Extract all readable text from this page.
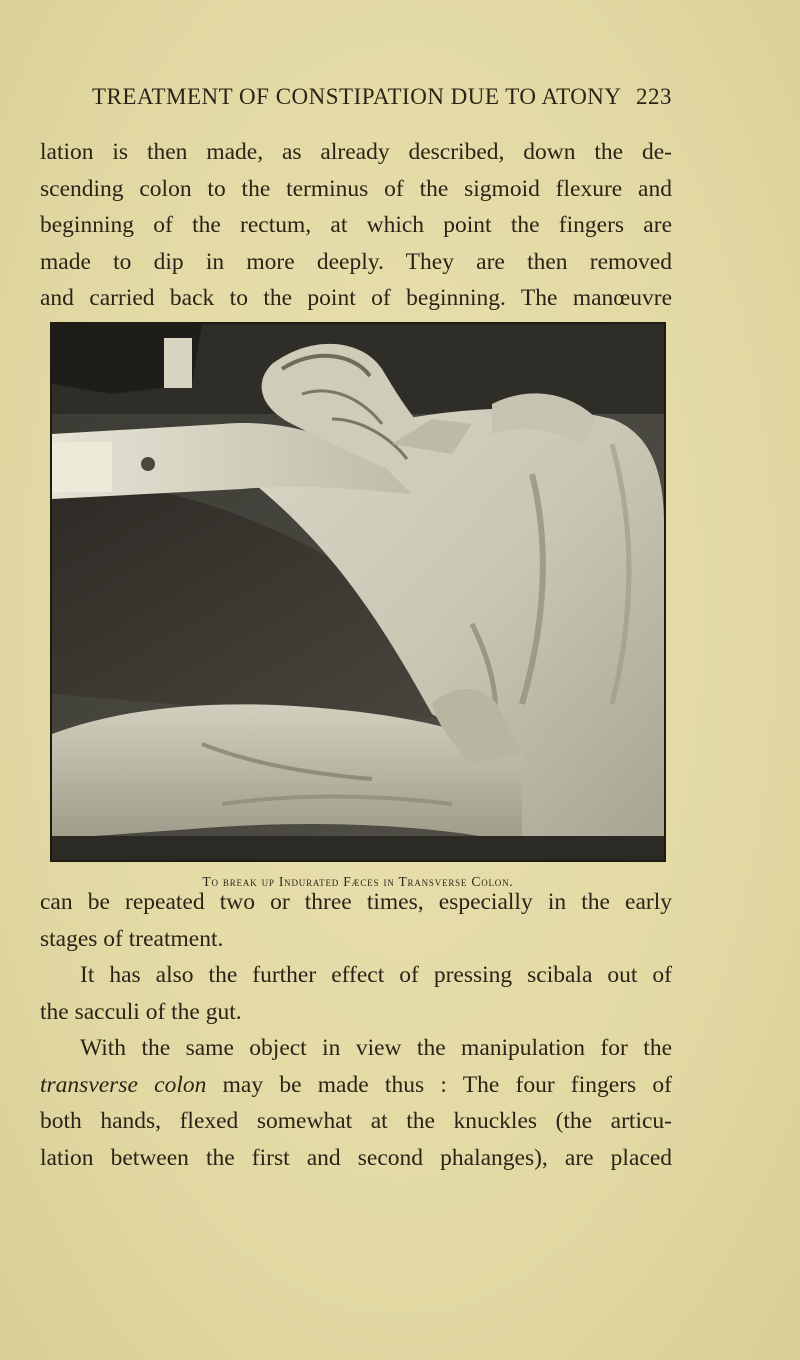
TREATMENT OF CONSTIPATION DUE TO ATONY 223
lation is then made, as already described, down the de-
scending colon to the terminus of the sigmoid flexure and
beginning of the rectum, at which point the fingers are
made to dip in more deeply. They are then removed
and carried back to the point of beginning. The manœuvre
To break up Indurated Fæces in Transverse Colon.
can be repeated two or three times, especially in the early
stages of treatment.
It has also the further effect of pressing scibala out of
the sacculi of the gut.
With the same object in view the manipulation for the
transverse colon may be made thus : The four fingers of
both hands, flexed somewhat at the knuckles (the articu-
lation between the first and second phalanges), are placed
